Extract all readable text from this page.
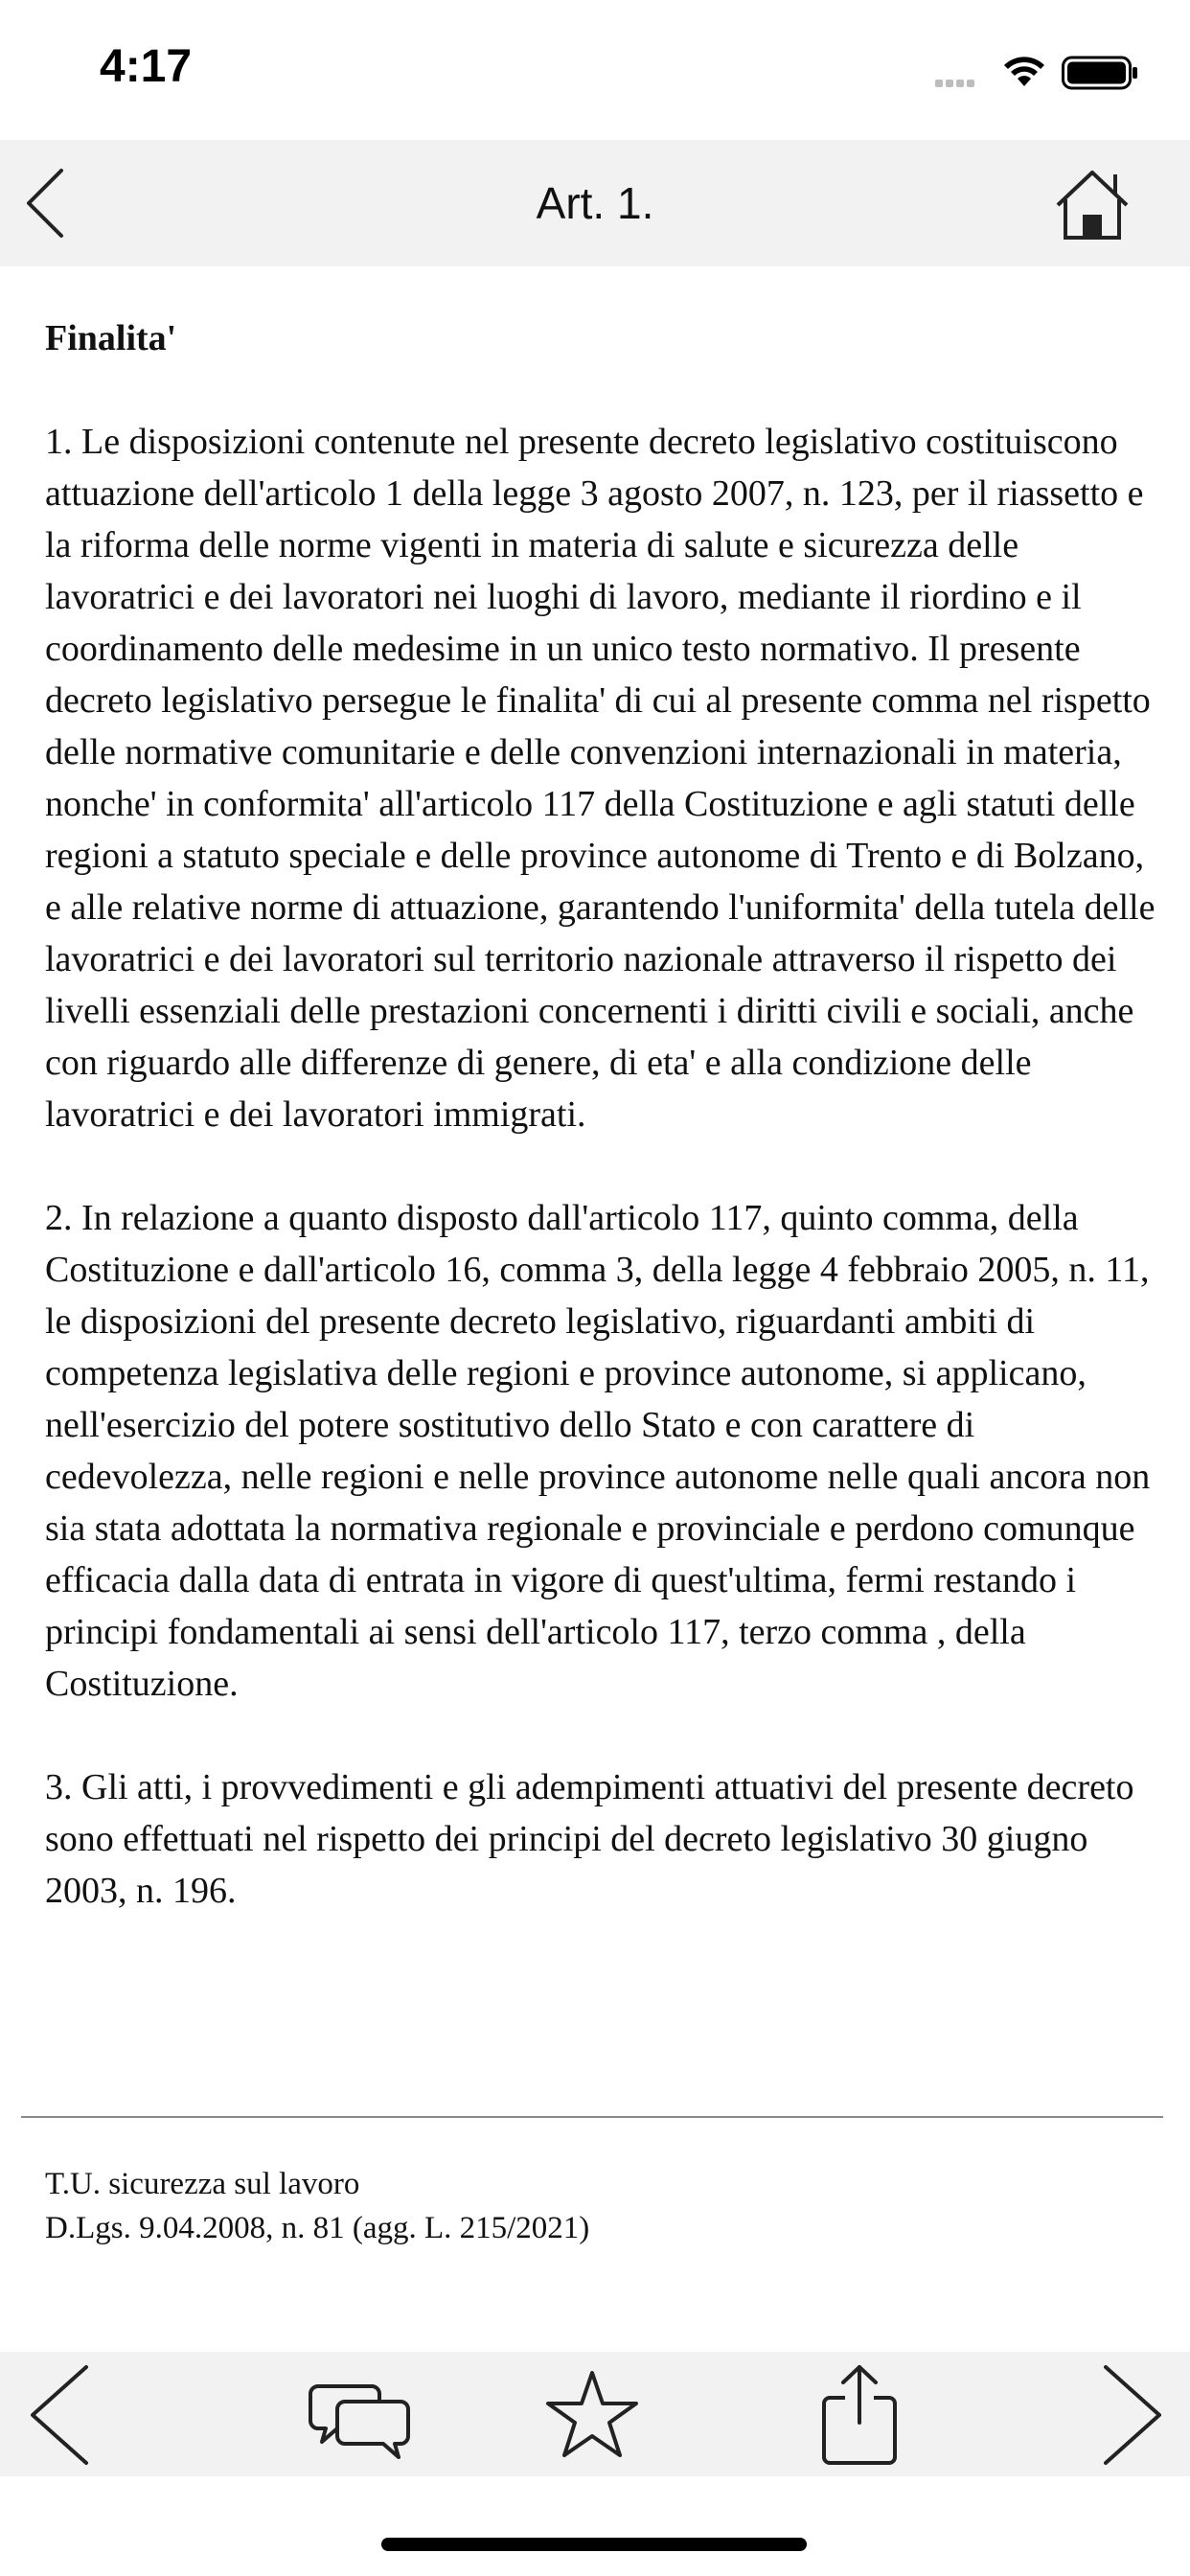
4:17
Art. 1.

Finalita'

1. Le disposizioni contenute nel presente decreto legislativo costituiscono attuazione dell'articolo 1 della legge 3 agosto 2007, n. 123, per il riassetto e la riforma delle norme vigenti in materia di salute e sicurezza delle lavoratrici e dei lavoratori nei luoghi di lavoro, mediante il riordino e il coordinamento delle medesime in un unico testo normativo. Il presente decreto legislativo persegue le finalita' di cui al presente comma nel rispetto delle normative comunitarie e delle convenzioni internazionali in materia, nonche' in conformita' all'articolo 117 della Costituzione e agli statuti delle regioni a statuto speciale e delle province autonome di Trento e di Bolzano, e alle relative norme di attuazione, garantendo l'uniformita' della tutela delle lavoratrici e dei lavoratori sul territorio nazionale attraverso il rispetto dei livelli essenziali delle prestazioni concernenti i diritti civili e sociali, anche con riguardo alle differenze di genere, di eta' e alla condizione delle lavoratrici e dei lavoratori immigrati.

2. In relazione a quanto disposto dall'articolo 117, quinto comma, della Costituzione e dall'articolo 16, comma 3, della legge 4 febbraio 2005, n. 11, le disposizioni del presente decreto legislativo, riguardanti ambiti di competenza legislativa delle regioni e province autonome, si applicano, nell'esercizio del potere sostitutivo dello Stato e con carattere di cedevolezza, nelle regioni e nelle province autonome nelle quali ancora non sia stata adottata la normativa regionale e provinciale e perdono comunque efficacia dalla data di entrata in vigore di quest'ultima, fermi restando i principi fondamentali ai sensi dell'articolo 117, terzo comma , della Costituzione.

3. Gli atti, i provvedimenti e gli adempimenti attuativi del presente decreto sono effettuati nel rispetto dei principi del decreto legislativo 30 giugno 2003, n. 196.

T.U. sicurezza sul lavoro
D.Lgs. 9.04.2008, n. 81 (agg. L. 215/2021)
